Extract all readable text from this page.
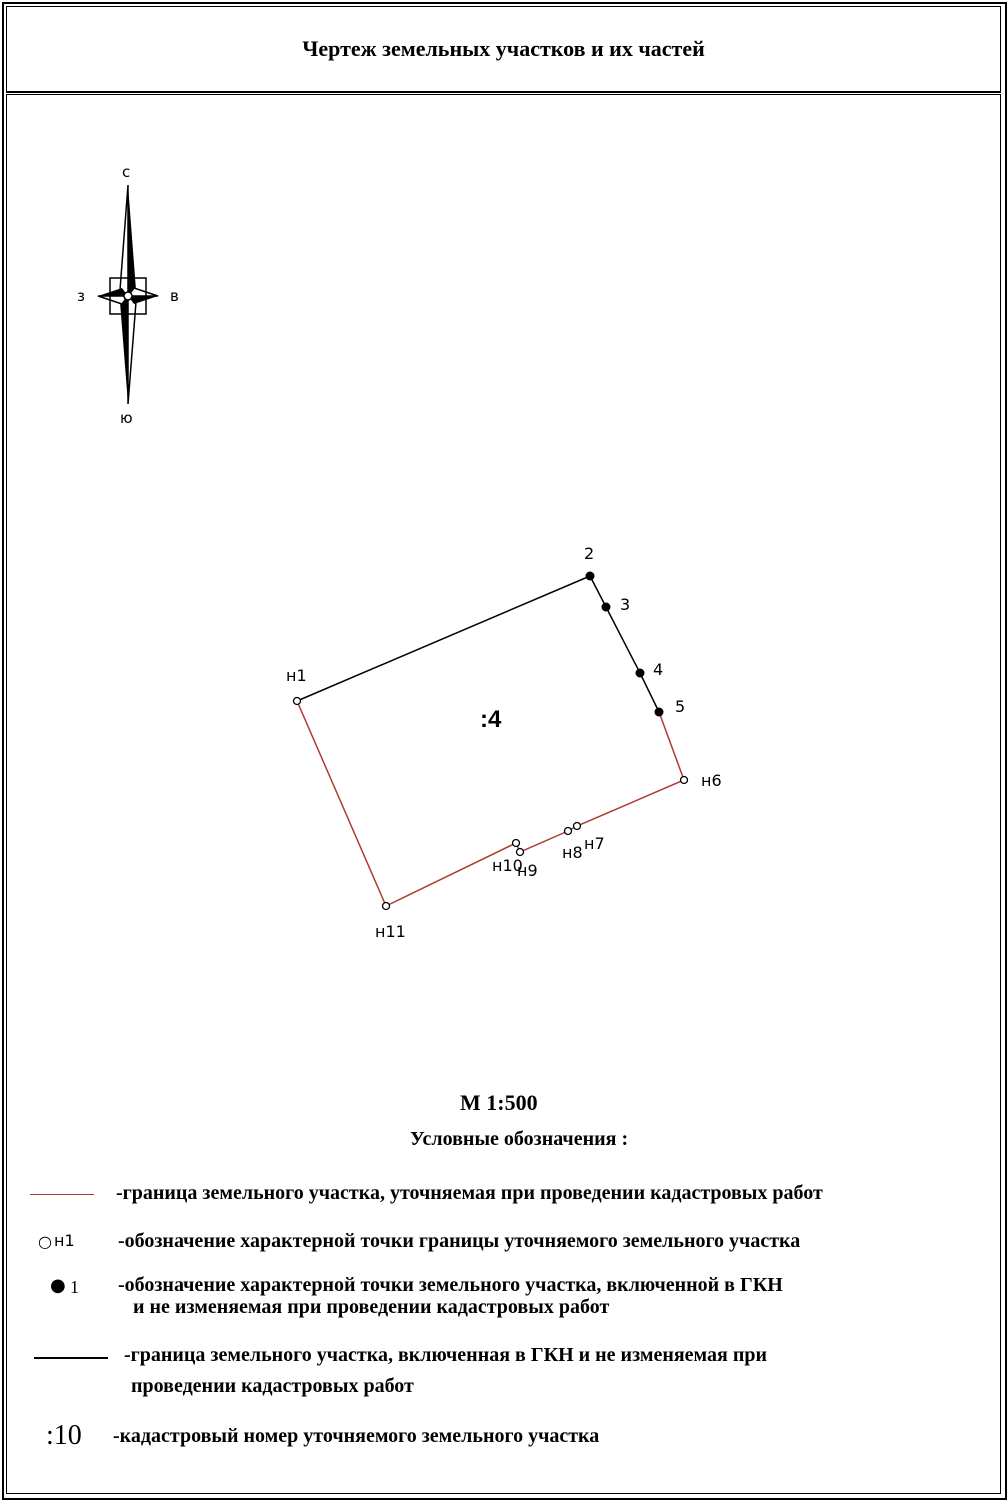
Чертеж земельных участков и их частей
с
ю
в
з
н1
2
3
4
5
н6
н7
н8
н9
н10
н11
:4
М 1:500
Условные обозначения :
-граница земельного участка, уточняемая при проведении кадастровых работ
○ н1 -обозначение характерной точки границы уточняемого земельного участка
● 1 -обозначение характерной точки земельного участка, включенной в ГКН
и не изменяемая при проведении кадастровых работ
-граница земельного участка, включенная в ГКН и не изменяемая при
проведении кадастровых работ
:10 -кадастровый номер уточняемого земельного участка
